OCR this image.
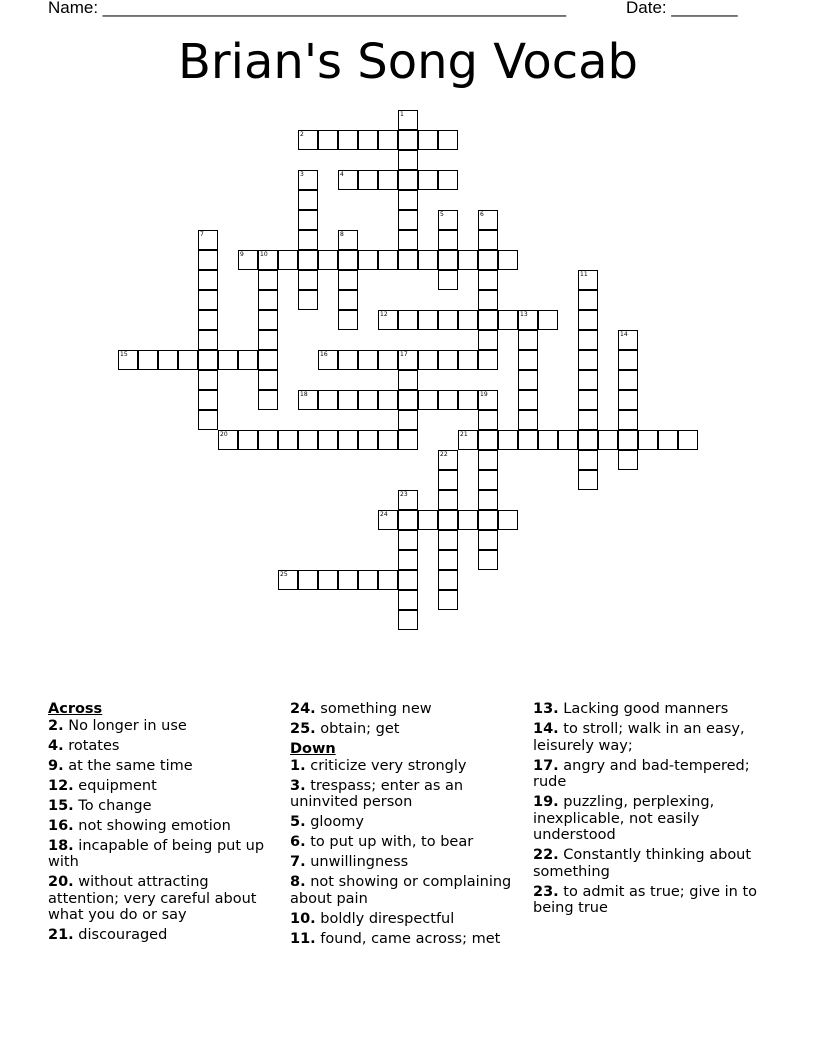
Name: _________________________________________________	Date: _______
Brian's Song Vocab
1
2
3	4
5	6
7	8
9	10
11
12	13
14
15	16	17
18	19
20	21
22
23
24
25
Across
2. No longer in use
4. rotates
9. at the same time
12. equipment
15. To change
16. not showing emotion
18. incapable of being put up with
20. without attracting attention; very careful about what you do or say
21. discouraged
24. something new
25. obtain; get
Down
1. criticize very strongly
3. trespass; enter as an uninvited person
5. gloomy
6. to put up with, to bear
7. unwillingness
8. not showing or complaining about pain
10. boldly direspectful
11. found, came across; met
13. Lacking good manners
14. to stroll; walk in an easy, leisurely way;
17. angry and bad-tempered; rude
19. puzzling, perplexing, inexplicable, not easily understood
22. Constantly thinking about something
23. to admit as true; give in to being true
